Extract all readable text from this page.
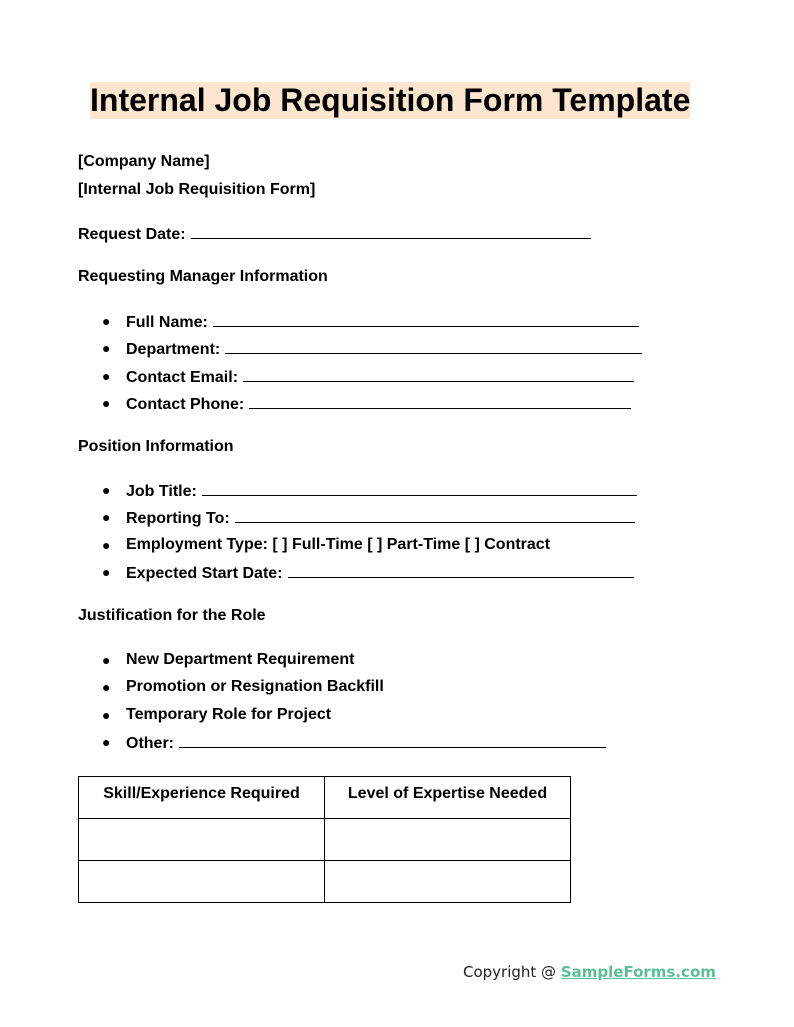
Internal Job Requisition Form Template
[Company Name]
[Internal Job Requisition Form]
Request Date:
Requesting Manager Information
● Full Name:
● Department:
● Contact Email:
● Contact Phone:
Position Information
● Job Title:
● Reporting To:
● Employment Type: [ ] Full-Time [ ] Part-Time [ ] Contract
● Expected Start Date:
Justification for the Role
● New Department Requirement
● Promotion or Resignation Backfill
● Temporary Role for Project
● Other:
Skill/Experience Required	Level of Expertise Needed

Copyright @ SampleForms.com
